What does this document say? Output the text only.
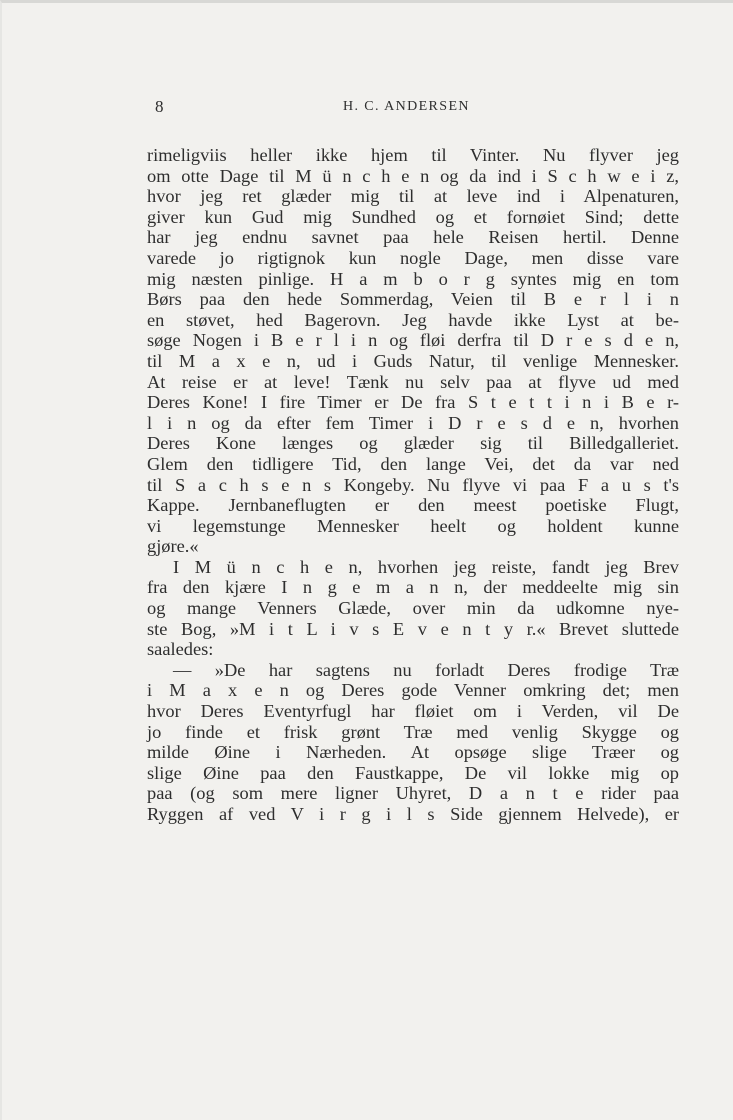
8	H. C. ANDERSEN
rimeligviis heller ikke hjem til Vinter. Nu flyver jeg
om otte Dage til M ü n c h e n og da ind i S c h w e i z,
hvor jeg ret glæder mig til at leve ind i Alpenaturen,
giver kun Gud mig Sundhed og et fornøiet Sind; dette
har jeg endnu savnet paa hele Reisen hertil. Denne
varede jo rigtignok kun nogle Dage, men disse vare
mig næsten pinlige. H a m b o r g syntes mig en tom
Børs paa den hede Sommerdag, Veien til B e r l i n
en støvet, hed Bagerovn. Jeg havde ikke Lyst at be-
søge Nogen i B e r l i n og fløi derfra til D r e s d e n,
til M a x e n, ud i Guds Natur, til venlige Mennesker.
At reise er at leve! Tænk nu selv paa at flyve ud med
Deres Kone! I fire Timer er De fra S t e t t i n i B e r-
l i n og da efter fem Timer i D r e s d e n, hvorhen
Deres Kone længes og glæder sig til Billedgalleriet.
Glem den tidligere Tid, den lange Vei, det da var ned
til S a c h s e n s Kongeby. Nu flyve vi paa F a u s t's
Kappe. Jernbaneflugten er den meest poetiske Flugt,
vi legemstunge Mennesker heelt og holdent kunne
gjøre.«
I M ü n c h e n, hvorhen jeg reiste, fandt jeg Brev
fra den kjære I n g e m a n n, der meddeelte mig sin
og mange Venners Glæde, over min da udkomne nye-
ste Bog, »M i t L i v s E v e n t y r.« Brevet sluttede
saaledes:
— »De har sagtens nu forladt Deres frodige Træ
i M a x e n og Deres gode Venner omkring det; men
hvor Deres Eventyrfugl har fløiet om i Verden, vil De
jo finde et frisk grønt Træ med venlig Skygge og
milde Øine i Nærheden. At opsøge slige Træer og
slige Øine paa den Faustkappe, De vil lokke mig op
paa (og som mere ligner Uhyret, D a n t e rider paa
Ryggen af ved V i r g i l s Side gjennem Helvede), er
